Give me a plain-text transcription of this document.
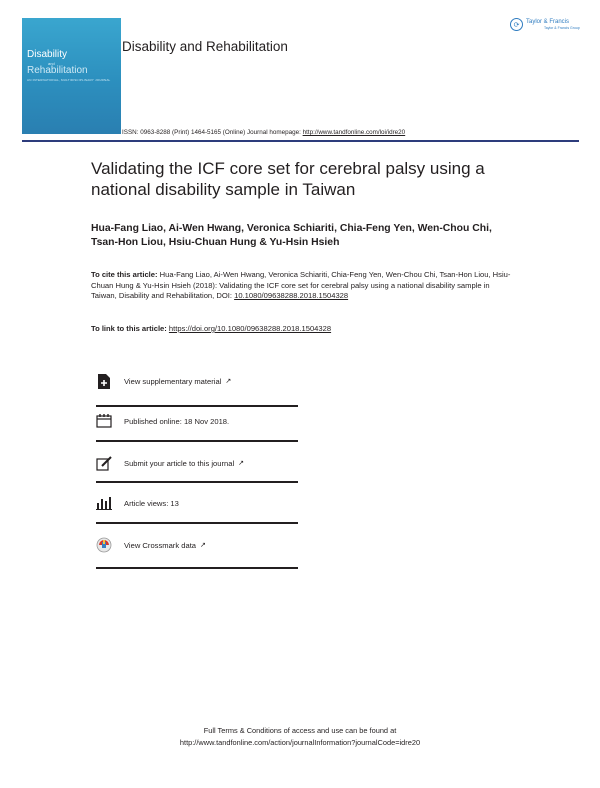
Disability
and
Rehabilitation
AN INTERNATIONAL, MULTIDISCIPLINARY JOURNAL
Disability and Rehabilitation
⟳	Taylor & Francis
Taylor & Francis Group
ISSN: 0963-8288 (Print) 1464-5165 (Online) Journal homepage: http://www.tandfonline.com/loi/idre20
Validating the ICF core set for cerebral palsy using a national disability sample in Taiwan
Hua-Fang Liao, Ai-Wen Hwang, Veronica Schiariti, Chia-Feng Yen, Wen-Chou Chi, Tsan-Hon Liou, Hsiu-Chuan Hung & Yu-Hsin Hsieh
To cite this article: Hua-Fang Liao, Ai-Wen Hwang, Veronica Schiariti, Chia-Feng Yen, Wen-Chou Chi, Tsan-Hon Liou, Hsiu-Chuan Hung & Yu-Hsin Hsieh (2018): Validating the ICF core set for cerebral palsy using a national disability sample in Taiwan, Disability and Rehabilitation, DOI: 10.1080/09638288.2018.1504328
To link to this article: https://doi.org/10.1080/09638288.2018.1504328
View supplementary material ↗
Published online: 18 Nov 2018.
Submit your article to this journal ↗
Article views: 13
View Crossmark data ↗
Full Terms & Conditions of access and use can be found at
http://www.tandfonline.com/action/journalInformation?journalCode=idre20
